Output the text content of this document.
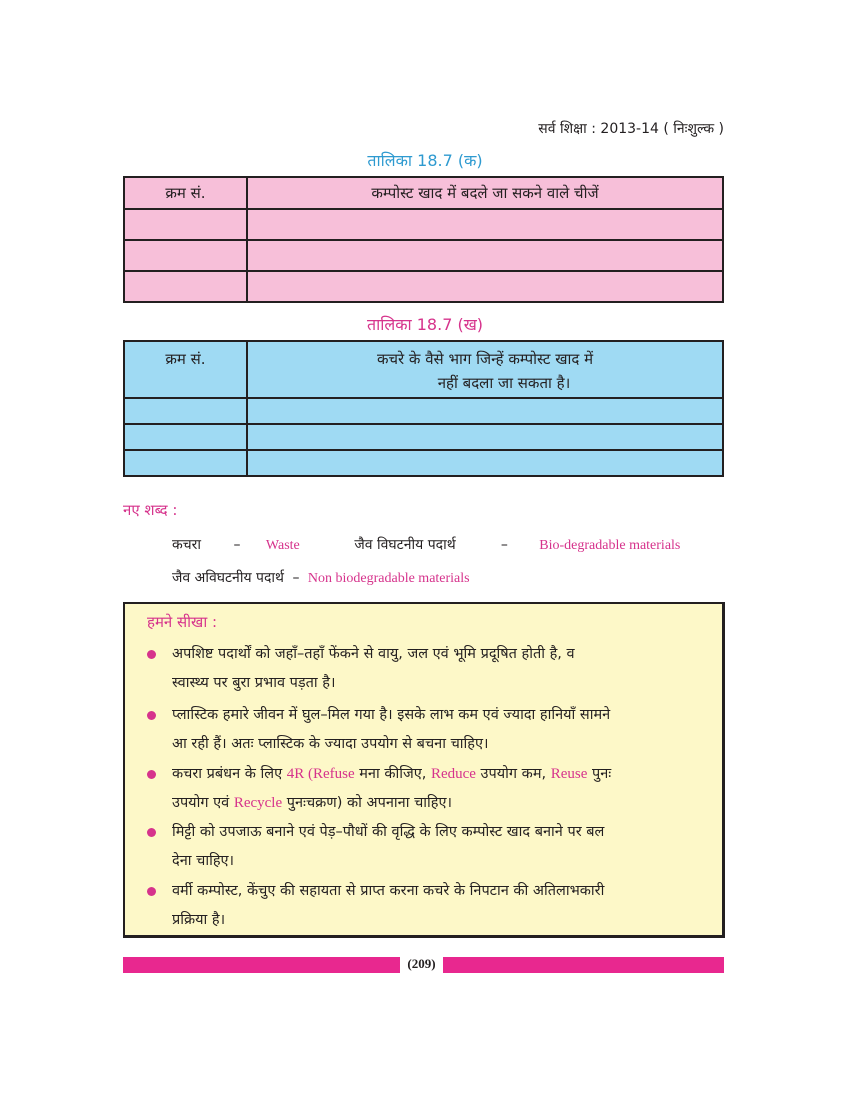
सर्व शिक्षा : 2013-14 ( निःशुल्क )
तालिका 18.7 (क)
क्रम सं.	कम्पोस्ट खाद में बदले जा सकने वाले चीजें

तालिका 18.7 (ख)
क्रम सं.	कचरे के वैसे भाग जिन्हें कम्पोस्ट खाद में
नहीं बदला जा सकता है।

नए शब्द :
कचरा – Waste	जैव विघटनीय पदार्थ	– Bio-degradable materials
जैव अविघटनीय पदार्थ – Non biodegradable materials
हमने सीखा :
अपशिष्ट पदार्थों को जहाँ–तहाँ फेंकने से वायु, जल एवं भूमि प्रदूषित होती है, व
स्वास्थ्य पर बुरा प्रभाव पड़ता है।
प्लास्टिक हमारे जीवन में घुल–मिल गया है। इसके लाभ कम एवं ज्यादा हानियाँ सामने
आ रही हैं। अतः प्लास्टिक के ज्यादा उपयोग से बचना चाहिए।
कचरा प्रबंधन के लिए 4R (Refuse मना कीजिए, Reduce उपयोग कम, Reuse पुनः
उपयोग एवं Recycle पुनःचक्रण) को अपनाना चाहिए।
मिट्टी को उपजाऊ बनाने एवं पेड़–पौधों की वृद्धि के लिए कम्पोस्ट खाद बनाने पर बल
देना चाहिए।
वर्मी कम्पोस्ट, केंचुए की सहायता से प्राप्त करना कचरे के निपटान की अतिलाभकारी
प्रक्रिया है।
(209)
